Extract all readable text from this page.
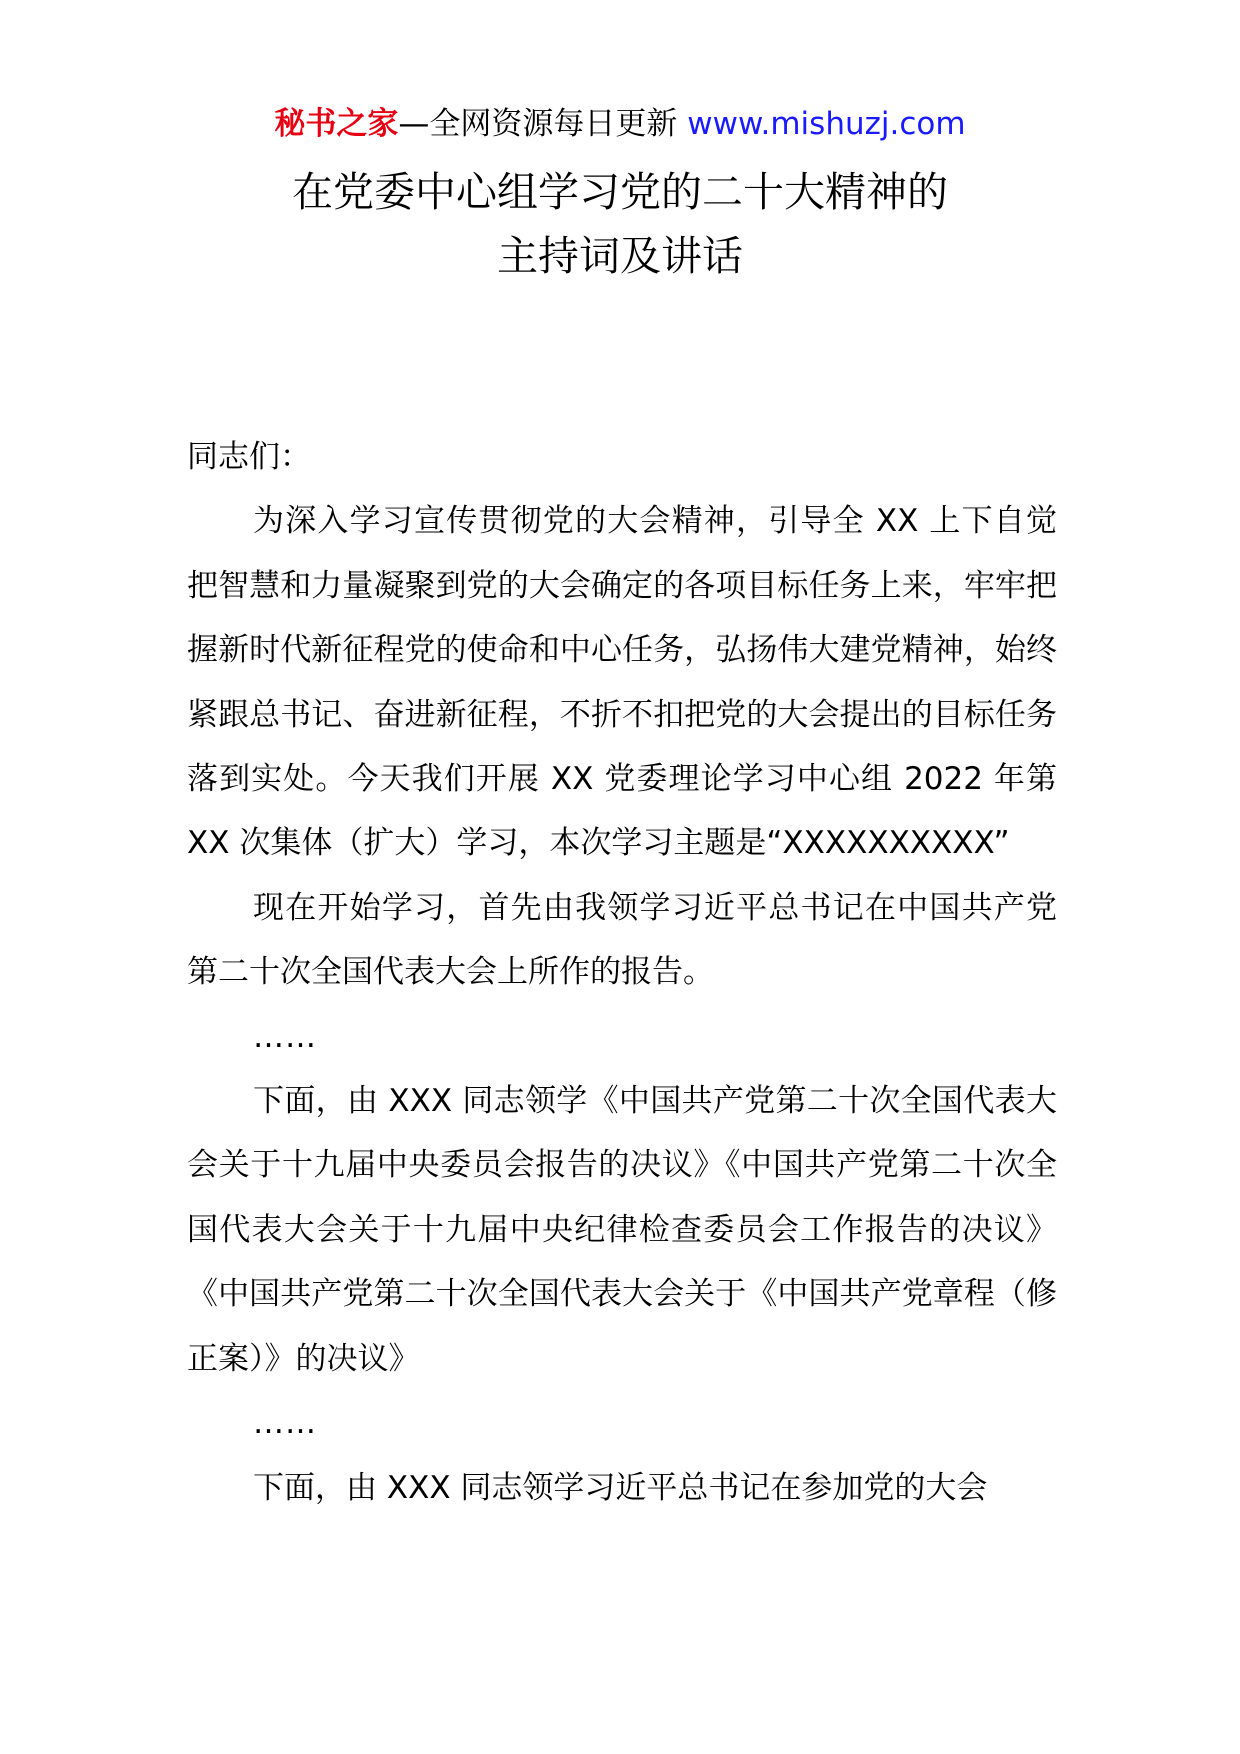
秘书之家—全网资源每日更新 www.mishuzj.com
在党委中心组学习党的二十大精神的
主持词及讲话

同志们：

为深入学习宣传贯彻党的大会精神，引导全 XX 上下自觉把智慧和力量凝聚到党的大会确定的各项目标任务上来，牢牢把握新时代新征程党的使命和中心任务，弘扬伟大建党精神，始终紧跟总书记、奋进新征程，不折不扣把党的大会提出的目标任务落到实处。今天我们开展 XX 党委理论学习中心组 2022 年第 XX 次集体（扩大）学习，本次学习主题是“XXXXXXXXXX”

现在开始学习，首先由我领学习近平总书记在中国共产党第二十次全国代表大会上所作的报告。

……

下面，由 XXX 同志领学《中国共产党第二十次全国代表大会关于十九届中央委员会报告的决议》《中国共产党第二十次全国代表大会关于十九届中央纪律检查委员会工作报告的决议》《中国共产党第二十次全国代表大会关于《中国共产党章程（修正案）》的决议》

……

下面，由 XXX 同志领学习近平总书记在参加党的大会
